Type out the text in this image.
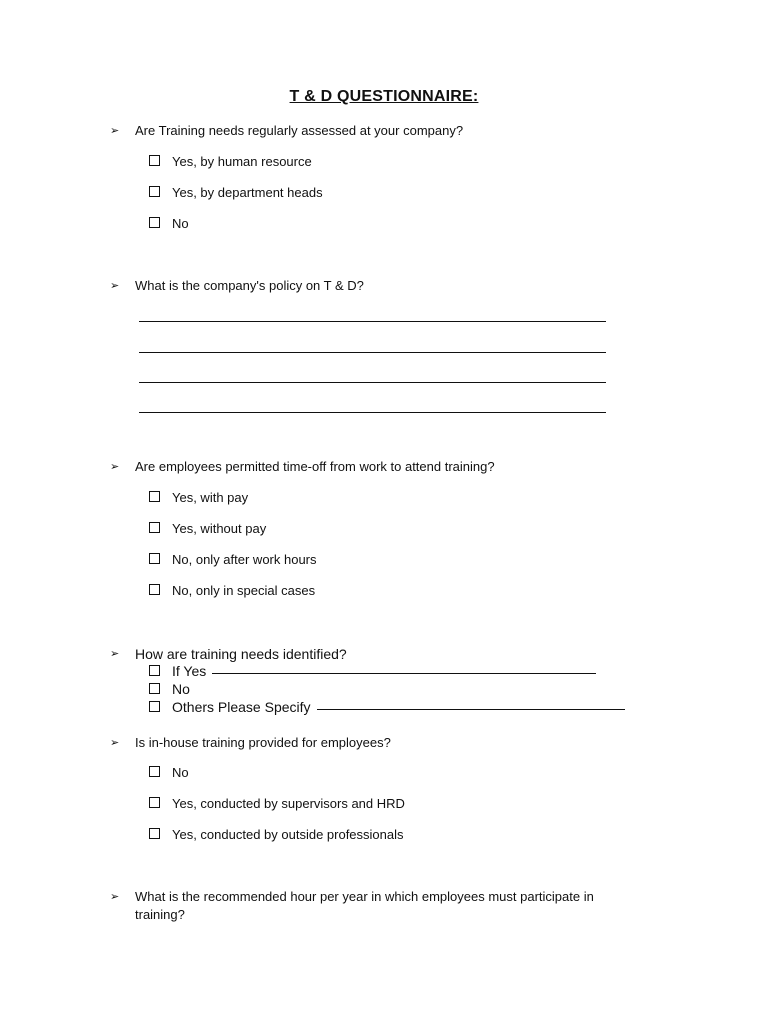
T & D QUESTIONNAIRE:
➢	Are Training needs regularly assessed at your company?
Yes, by human resource
Yes, by department heads
No
➢	What is the company's policy on T & D?
➢	Are employees permitted time-off from work to attend training?
Yes, with pay
Yes, without pay
No, only after work hours
No, only in special cases
➢	How are training needs identified?
If Yes
No
Others Please Specify
➢	Is in-house training provided for employees?
No
Yes, conducted by supervisors and HRD
Yes, conducted by outside professionals
➢	What is the recommended hour per year in which employees must participate in training?
